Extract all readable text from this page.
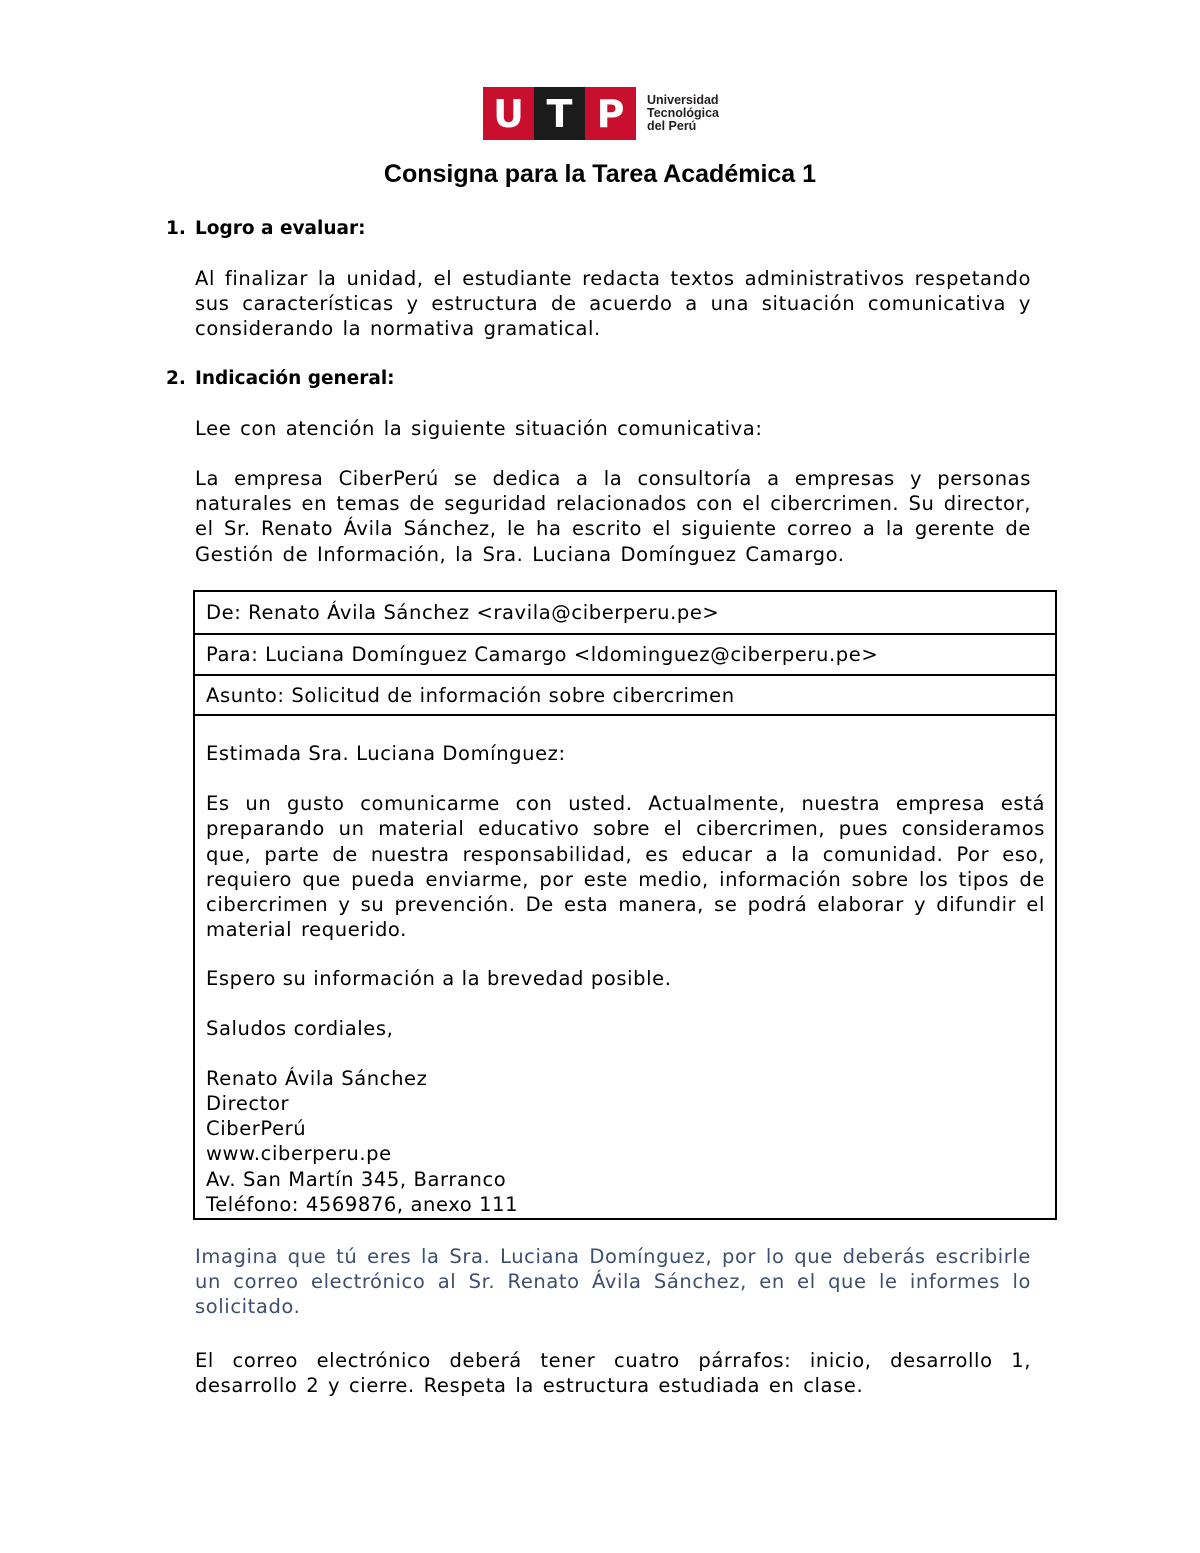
U T P	Universidad
Tecnológica
del Perú
Consigna para la Tarea Académica 1
1. Logro a evaluar:

Al finalizar la unidad, el estudiante redacta textos administrativos respetando sus características y estructura de acuerdo a una situación comunicativa y considerando la normativa gramatical.

2. Indicación general:

Lee con atención la siguiente situación comunicativa:

La empresa CiberPerú se dedica a la consultoría a empresas y personas naturales en temas de seguridad relacionados con el cibercrimen. Su director, el Sr. Renato Ávila Sánchez, le ha escrito el siguiente correo a la gerente de Gestión de Información, la Sra. Luciana Domínguez Camargo.

De: Renato Ávila Sánchez <ravila@ciberperu.pe>
Para: Luciana Domínguez Camargo <ldominguez@ciberperu.pe>
Asunto: Solicitud de información sobre cibercrimen

Estimada Sra. Luciana Domínguez:

Es un gusto comunicarme con usted. Actualmente, nuestra empresa está preparando un material educativo sobre el cibercrimen, pues consideramos que, parte de nuestra responsabilidad, es educar a la comunidad. Por eso, requiero que pueda enviarme, por este medio, información sobre los tipos de cibercrimen y su prevención. De esta manera, se podrá elaborar y difundir el material requerido.

Espero su información a la brevedad posible.

Saludos cordiales,

Renato Ávila Sánchez
Director
CiberPerú
www.ciberperu.pe
Av. San Martín 345, Barranco
Teléfono: 4569876, anexo 111

Imagina que tú eres la Sra. Luciana Domínguez, por lo que deberás escribirle un correo electrónico al Sr. Renato Ávila Sánchez, en el que le informes lo solicitado.

El correo electrónico deberá tener cuatro párrafos: inicio, desarrollo 1, desarrollo 2 y cierre. Respeta la estructura estudiada en clase.
